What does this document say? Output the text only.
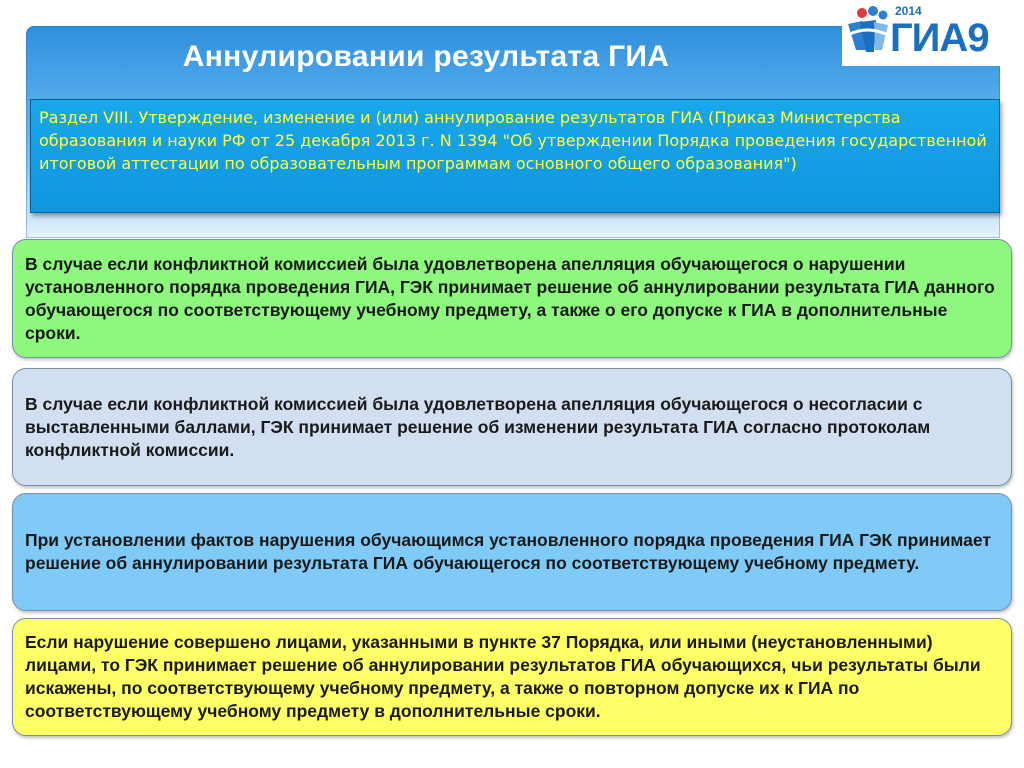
Аннулировании результата ГИА
2014
ГИА9
Раздел VIII. Утверждение, изменение и (или) аннулирование результатов ГИА (Приказ Министерства образования и науки РФ от 25 декабря 2013 г. N 1394 "Об утверждении Порядка проведения государственной итоговой аттестации по образовательным программам основного общего образования")
В случае если конфликтной комиссией была удовлетворена апелляция обучающегося о нарушении установленного порядка проведения ГИА, ГЭК принимает решение об аннулировании результата ГИА данного обучающегося по соответствующему учебному предмету, а также о его допуске к ГИА в дополнительные сроки.
В случае если конфликтной комиссией была удовлетворена апелляция обучающегося о несогласии с выставленными баллами, ГЭК принимает решение об изменении результата ГИА согласно протоколам конфликтной комиссии.
При установлении фактов нарушения обучающимся установленного порядка проведения ГИА ГЭК принимает решение об аннулировании результата ГИА обучающегося по соответствующему учебному предмету.
Если нарушение совершено лицами, указанными в пункте 37 Порядка, или иными (неустановленными) лицами, то ГЭК принимает решение об аннулировании результатов ГИА обучающихся, чьи результаты были искажены, по соответствующему учебному предмету, а также о повторном допуске их к ГИА по соответствующему учебному предмету в дополнительные сроки.
